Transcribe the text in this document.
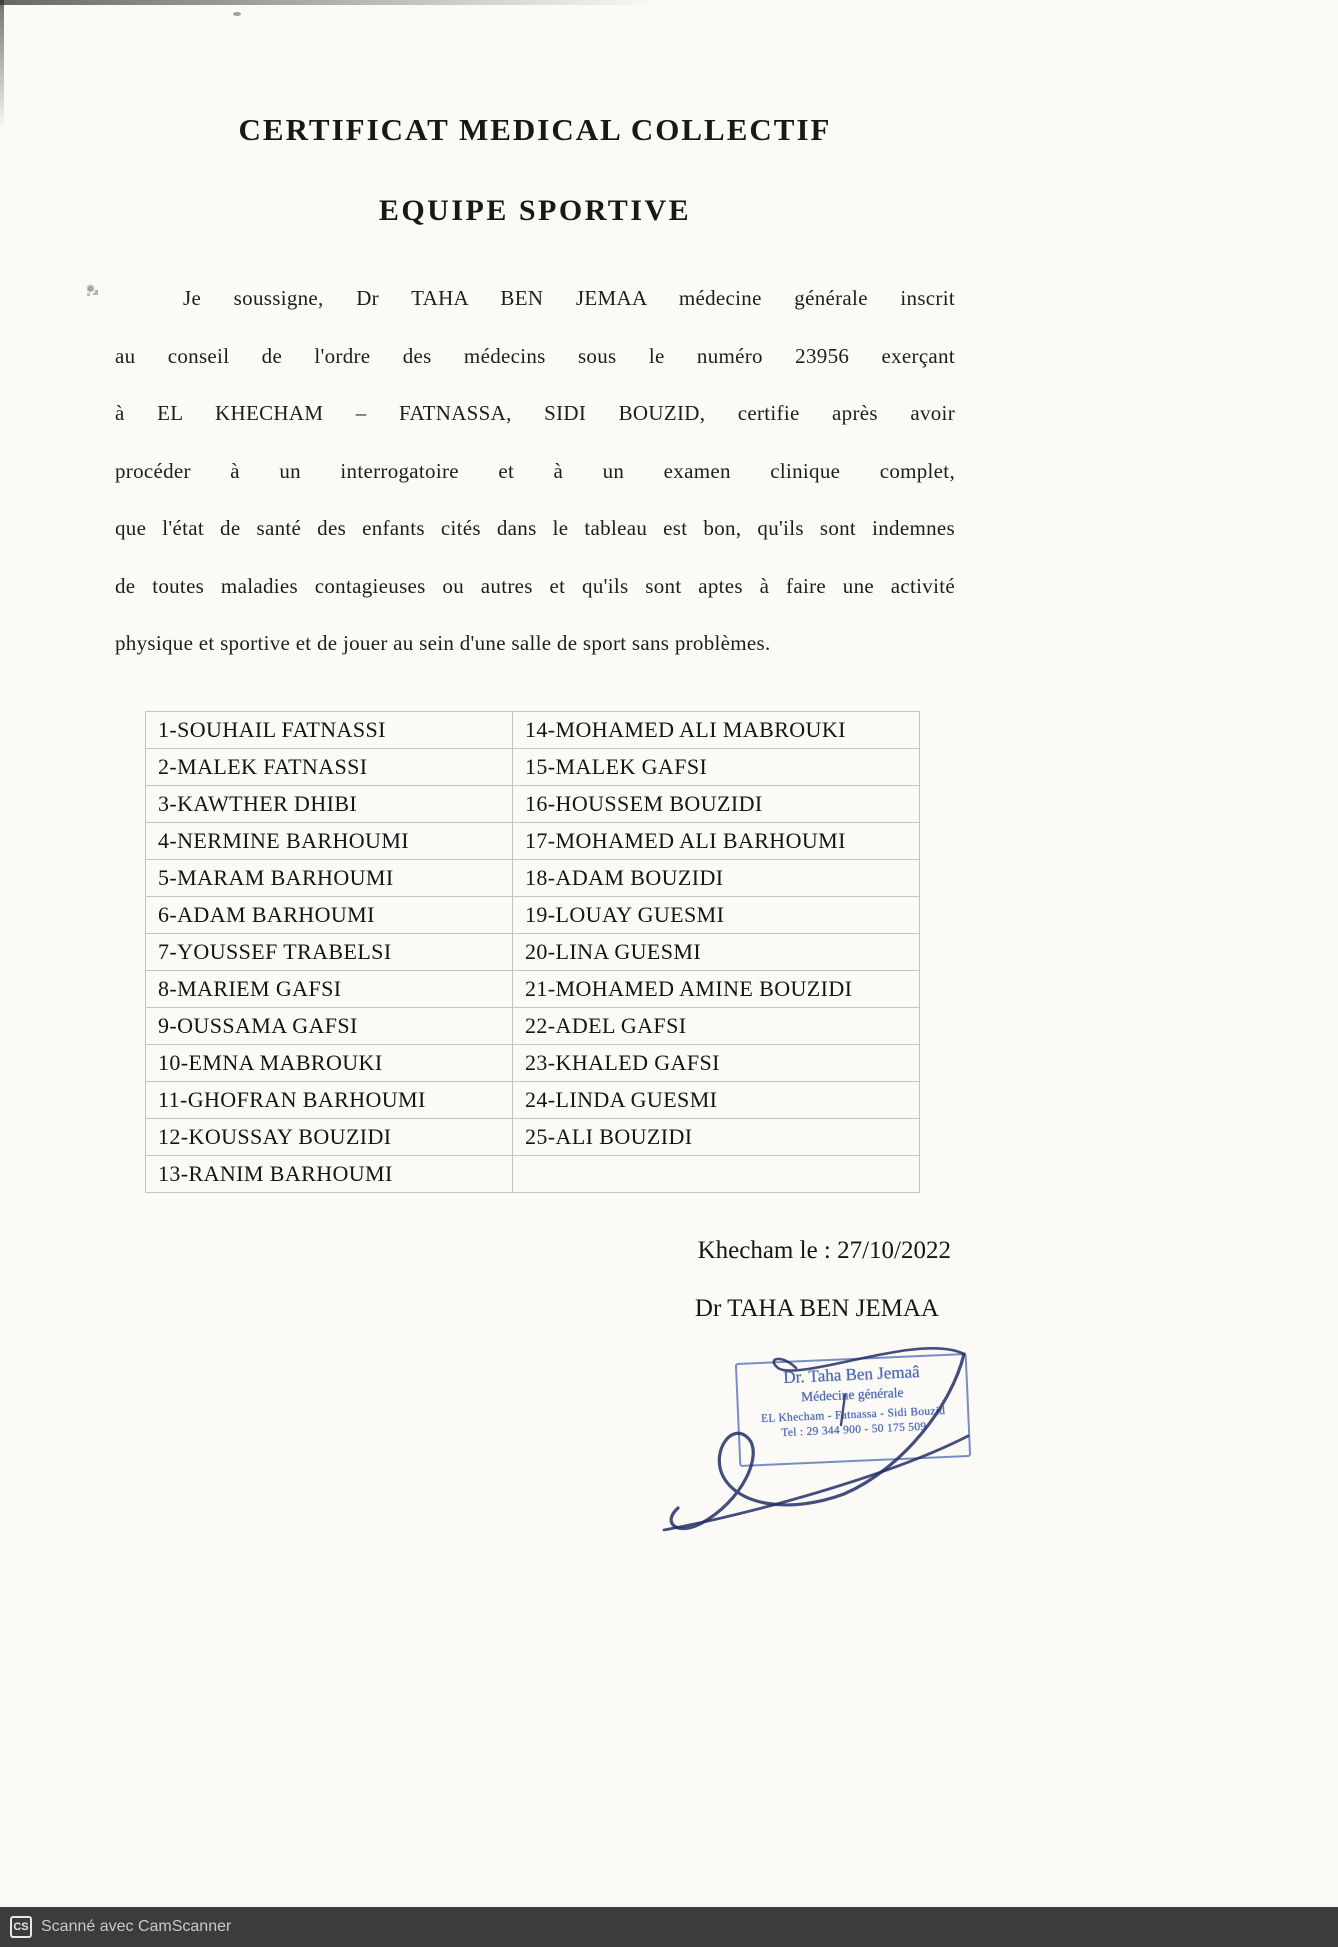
CERTIFICAT MEDICAL COLLECTIF
EQUIPE SPORTIVE

Je soussigne, Dr TAHA BEN JEMAA médecine générale inscrit

au conseil de l'ordre des médecins sous le numéro 23956 exerçant

à EL KHECHAM – FATNASSA, SIDI BOUZID, certifie après avoir

procéder à un interrogatoire et à un examen clinique complet,

que l'état de santé des enfants cités dans le tableau est bon, qu'ils sont indemnes

de toutes maladies contagieuses ou autres et qu'ils sont aptes à faire une activité

physique et sportive et de jouer au sein d'une salle de sport sans problèmes.

1-SOUHAIL FATNASSI	14-MOHAMED ALI MABROUKI
2-MALEK FATNASSI	15-MALEK GAFSI
3-KAWTHER DHIBI	16-HOUSSEM BOUZIDI
4-NERMINE BARHOUMI	17-MOHAMED ALI BARHOUMI
5-MARAM BARHOUMI	18-ADAM BOUZIDI
6-ADAM BARHOUMI	19-LOUAY GUESMI
7-YOUSSEF TRABELSI	20-LINA GUESMI
8-MARIEM GAFSI	21-MOHAMED AMINE BOUZIDI
9-OUSSAMA GAFSI	22-ADEL GAFSI
10-EMNA MABROUKI	23-KHALED GAFSI
11-GHOFRAN BARHOUMI	24-LINDA GUESMI
12-KOUSSAY BOUZIDI	25-ALI BOUZIDI
13-RANIM BARHOUMI	

Khecham le : 27/10/2022

Dr TAHA BEN JEMAA

Dr. Taha Ben Jemaâ

Médecine générale

EL Khecham - Fatnassa - Sidi Bouzid

Tel : 29 344 900 - 50 175 509

CS Scanné avec CamScanner
